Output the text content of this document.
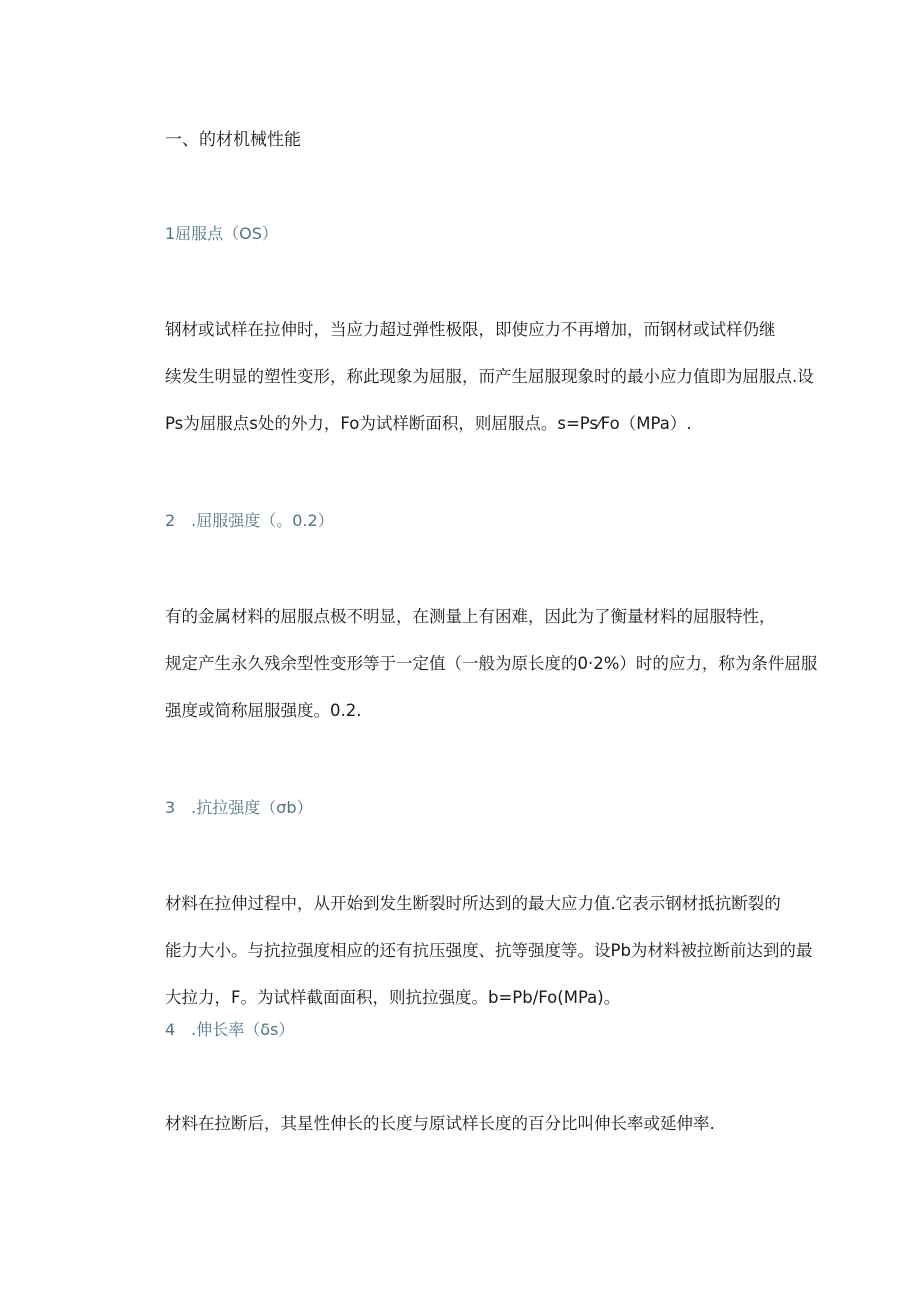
一、的材机械性能
1屈服点（OS）
钢材或试样在拉伸时，当应力超过弹性极限，即使应力不再增加，而钢材或试样仍继
续发生明显的塑性变形，称此现象为屈服，而产生屈服现象时的最小应力值即为屈服点.设
Ps为屈服点s处的外力，Fo为试样断面积，则屈服点。s=Ps⁄Fo（MPa）.
2 .屈服强度（。0.2）
有的金属材料的屈服点极不明显，在测量上有困难，因此为了衡量材料的屈服特性，
规定产生永久残余型性变形等于一定值（一般为原长度的0·2%）时的应力，称为条件屈服
强度或简称屈服强度。0.2.
3 .抗拉强度（σb）
材料在拉伸过程中，从开始到发生断裂时所达到的最大应力值.它表示钢材抵抗断裂的
能力大小。与抗拉强度相应的还有抗压强度、抗等强度等。设Pb为材料被拉断前达到的最
大拉力，F。为试样截面面积，则抗拉强度。b=Pb/Fo(MPa)。
4 .伸长率（δs）
材料在拉断后，其星性伸长的长度与原试样长度的百分比叫伸长率或延伸率.
